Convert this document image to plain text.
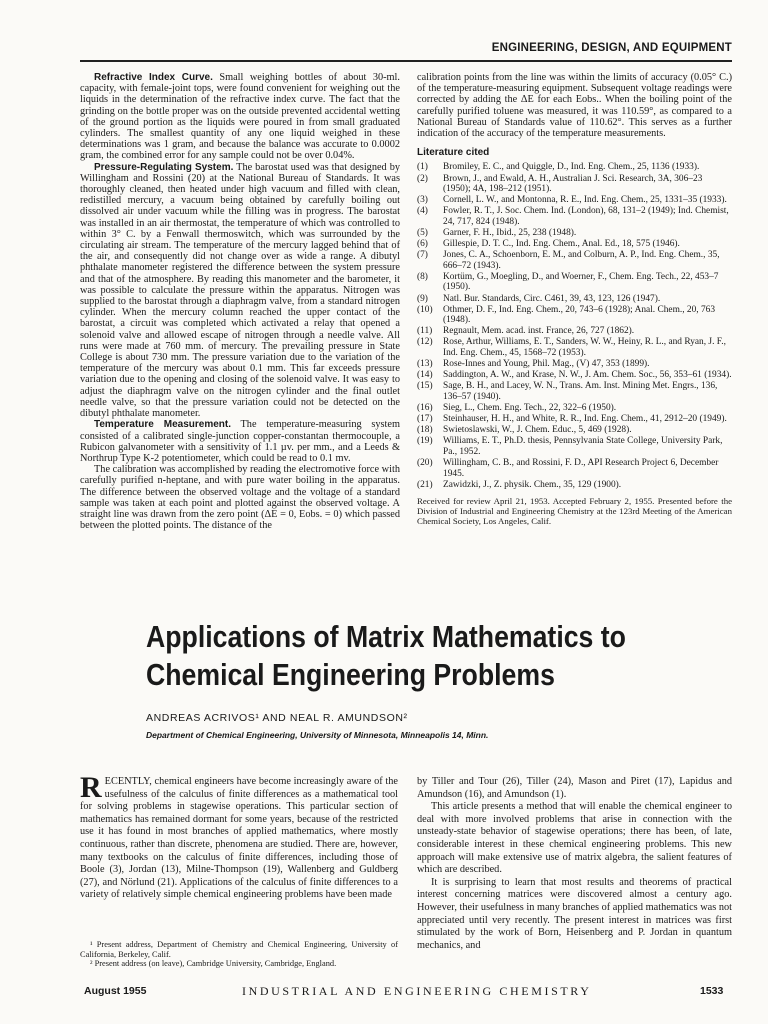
ENGINEERING, DESIGN, AND EQUIPMENT

Refractive Index Curve. Small weighing bottles of about 30-ml. capacity, with female-joint tops, were found convenient for weighing out the liquids in the determination of the refractive index curve. The fact that the grinding on the bottle proper was on the outside prevented accidental wetting of the ground portion as the liquids were poured in from small graduated cylinders. The smallest quantity of any one liquid weighed in these determinations was 1 gram, and because the balance was accurate to 0.0002 gram, the combined error for any sample could not be over 0.04%.

Pressure-Regulating System. The barostat used was that designed by Willingham and Rossini (20) at the National Bureau of Standards. It was thoroughly cleaned, then heated under high vacuum and filled with clean, redistilled mercury, a vacuum being obtained by carefully boiling out dissolved air under vacuum while the filling was in progress. The barostat was installed in an air thermostat, the temperature of which was controlled to within 3° C. by a Fenwall thermoswitch, which was surrounded by the circulating air stream. The temperature of the mercury lagged behind that of the air, and consequently did not change over as wide a range. A dibutyl phthalate manometer registered the difference between the system pressure and that of the atmosphere. By reading this manometer and the barometer, it was possible to calculate the pressure within the apparatus. Nitrogen was supplied to the barostat through a diaphragm valve, from a standard nitrogen cylinder. When the mercury column reached the upper contact of the barostat, a circuit was completed which activated a relay that opened a solenoid valve and allowed escape of nitrogen through a needle valve. All runs were made at 760 mm. of mercury. The prevailing pressure in State College is about 730 mm. The pressure variation due to the variation of the temperature of the mercury was about 0.1 mm. This far exceeds pressure variation due to the opening and closing of the solenoid valve. It was easy to adjust the diaphragm valve on the nitrogen cylinder and the final outlet needle valve, so that the pressure variation could not be detected on the dibutyl phthalate manometer.

Temperature Measurement. The temperature-measuring system consisted of a calibrated single-junction copper-constantan thermocouple, a Rubicon galvanometer with a sensitivity of 1.1 µv. per mm., and a Leeds & Northrup Type K-2 potentiometer, which could be read to 0.1 mv.

The calibration was accomplished by reading the electromotive force with carefully purified n-heptane, and with pure water boiling in the apparatus. The difference between the observed voltage and the voltage of a standard sample was taken at each point and plotted against the observed voltage. A straight line was drawn from the zero point (ΔE = 0, Eobs. = 0) which passed between the plotted points. The distance of the

calibration points from the line was within the limits of accuracy (0.05° C.) of the temperature-measuring equipment. Subsequent voltage readings were corrected by adding the ΔE for each Eobs.. When the boiling point of the carefully purified toluene was measured, it was 110.59°, as compared to a National Bureau of Standards value of 110.62°. This serves as a further indication of the accuracy of the temperature measurements.

Literature cited
(1)	Bromiley, E. C., and Quiggle, D., Ind. Eng. Chem., 25, 1136 (1933).
(2)	Brown, J., and Ewald, A. H., Australian J. Sci. Research, 3A, 306–23 (1950); 4A, 198–212 (1951).
(3)	Cornell, L. W., and Montonna, R. E., Ind. Eng. Chem., 25, 1331–35 (1933).
(4)	Fowler, R. T., J. Soc. Chem. Ind. (London), 68, 131–2 (1949); Ind. Chemist, 24, 717, 824 (1948).
(5)	Garner, F. H., Ibid., 25, 238 (1948).
(6)	Gillespie, D. T. C., Ind. Eng. Chem., Anal. Ed., 18, 575 (1946).
(7)	Jones, C. A., Schoenborn, E. M., and Colburn, A. P., Ind. Eng. Chem., 35, 666–72 (1943).
(8)	Kortüm, G., Moegling, D., and Woerner, F., Chem. Eng. Tech., 22, 453–7 (1950).
(9)	Natl. Bur. Standards, Circ. C461, 39, 43, 123, 126 (1947).
(10)	Othmer, D. F., Ind. Eng. Chem., 20, 743–6 (1928); Anal. Chem., 20, 763 (1948).
(11)	Regnault, Mem. acad. inst. France, 26, 727 (1862).
(12)	Rose, Arthur, Williams, E. T., Sanders, W. W., Heiny, R. L., and Ryan, J. F., Ind. Eng. Chem., 45, 1568–72 (1953).
(13)	Rose-Innes and Young, Phil. Mag., (V) 47, 353 (1899).
(14)	Saddington, A. W., and Krase, N. W., J. Am. Chem. Soc., 56, 353–61 (1934).
(15)	Sage, B. H., and Lacey, W. N., Trans. Am. Inst. Mining Met. Engrs., 136, 136–57 (1940).
(16)	Sieg, L., Chem. Eng. Tech., 22, 322–6 (1950).
(17)	Steinhauser, H. H., and White, R. R., Ind. Eng. Chem., 41, 2912–20 (1949).
(18)	Swietoslawski, W., J. Chem. Educ., 5, 469 (1928).
(19)	Williams, E. T., Ph.D. thesis, Pennsylvania State College, University Park, Pa., 1952.
(20)	Willingham, C. B., and Rossini, F. D., API Research Project 6, December 1945.
(21)	Zawidzki, J., Z. physik. Chem., 35, 129 (1900).
Received for review April 21, 1953. Accepted February 2, 1955. Presented before the Division of Industrial and Engineering Chemistry at the 123rd Meeting of the American Chemical Society, Los Angeles, Calif.
Applications of Matrix Mathematics to
Chemical Engineering Problems
ANDREAS ACRIVOS¹ AND NEAL R. AMUNDSON²
Department of Chemical Engineering, University of Minnesota, Minneapolis 14, Minn.

RECENTLY, chemical engineers have become increasingly aware of the usefulness of the calculus of finite differences as a mathematical tool for solving problems in stagewise operations. This particular section of mathematics has remained dormant for some years, because of the restricted use it has found in most branches of applied mathematics, where mostly continuous, rather than discrete, phenomena are studied. There are, however, many textbooks on the calculus of finite differences, including those of Boole (3), Jordan (13), Milne-Thompson (19), Wallenberg and Guldberg (27), and Nörlund (21). Applications of the calculus of finite differences to a variety of relatively simple chemical engineering problems have been made

by Tiller and Tour (26), Tiller (24), Mason and Piret (17), Lapidus and Amundson (16), and Amundson (1).

This article presents a method that will enable the chemical engineer to deal with more involved problems that arise in connection with the unsteady-state behavior of stagewise operations; there has been, of late, considerable interest in these chemical engineering problems. This new approach will make extensive use of matrix algebra, the salient features of which are described.

It is surprising to learn that most results and theorems of practical interest concerning matrices were discovered almost a century ago. However, their usefulness in many branches of applied mathematics was not appreciated until very recently. The present interest in matrices was first stimulated by the work of Born, Heisenberg and P. Jordan in quantum mechanics, and

¹ Present address, Department of Chemistry and Chemical Engineering, University of California, Berkeley, Calif.

² Present address (on leave), Cambridge University, Cambridge, England.

August 1955	INDUSTRIAL AND ENGINEERING CHEMISTRY	1533
